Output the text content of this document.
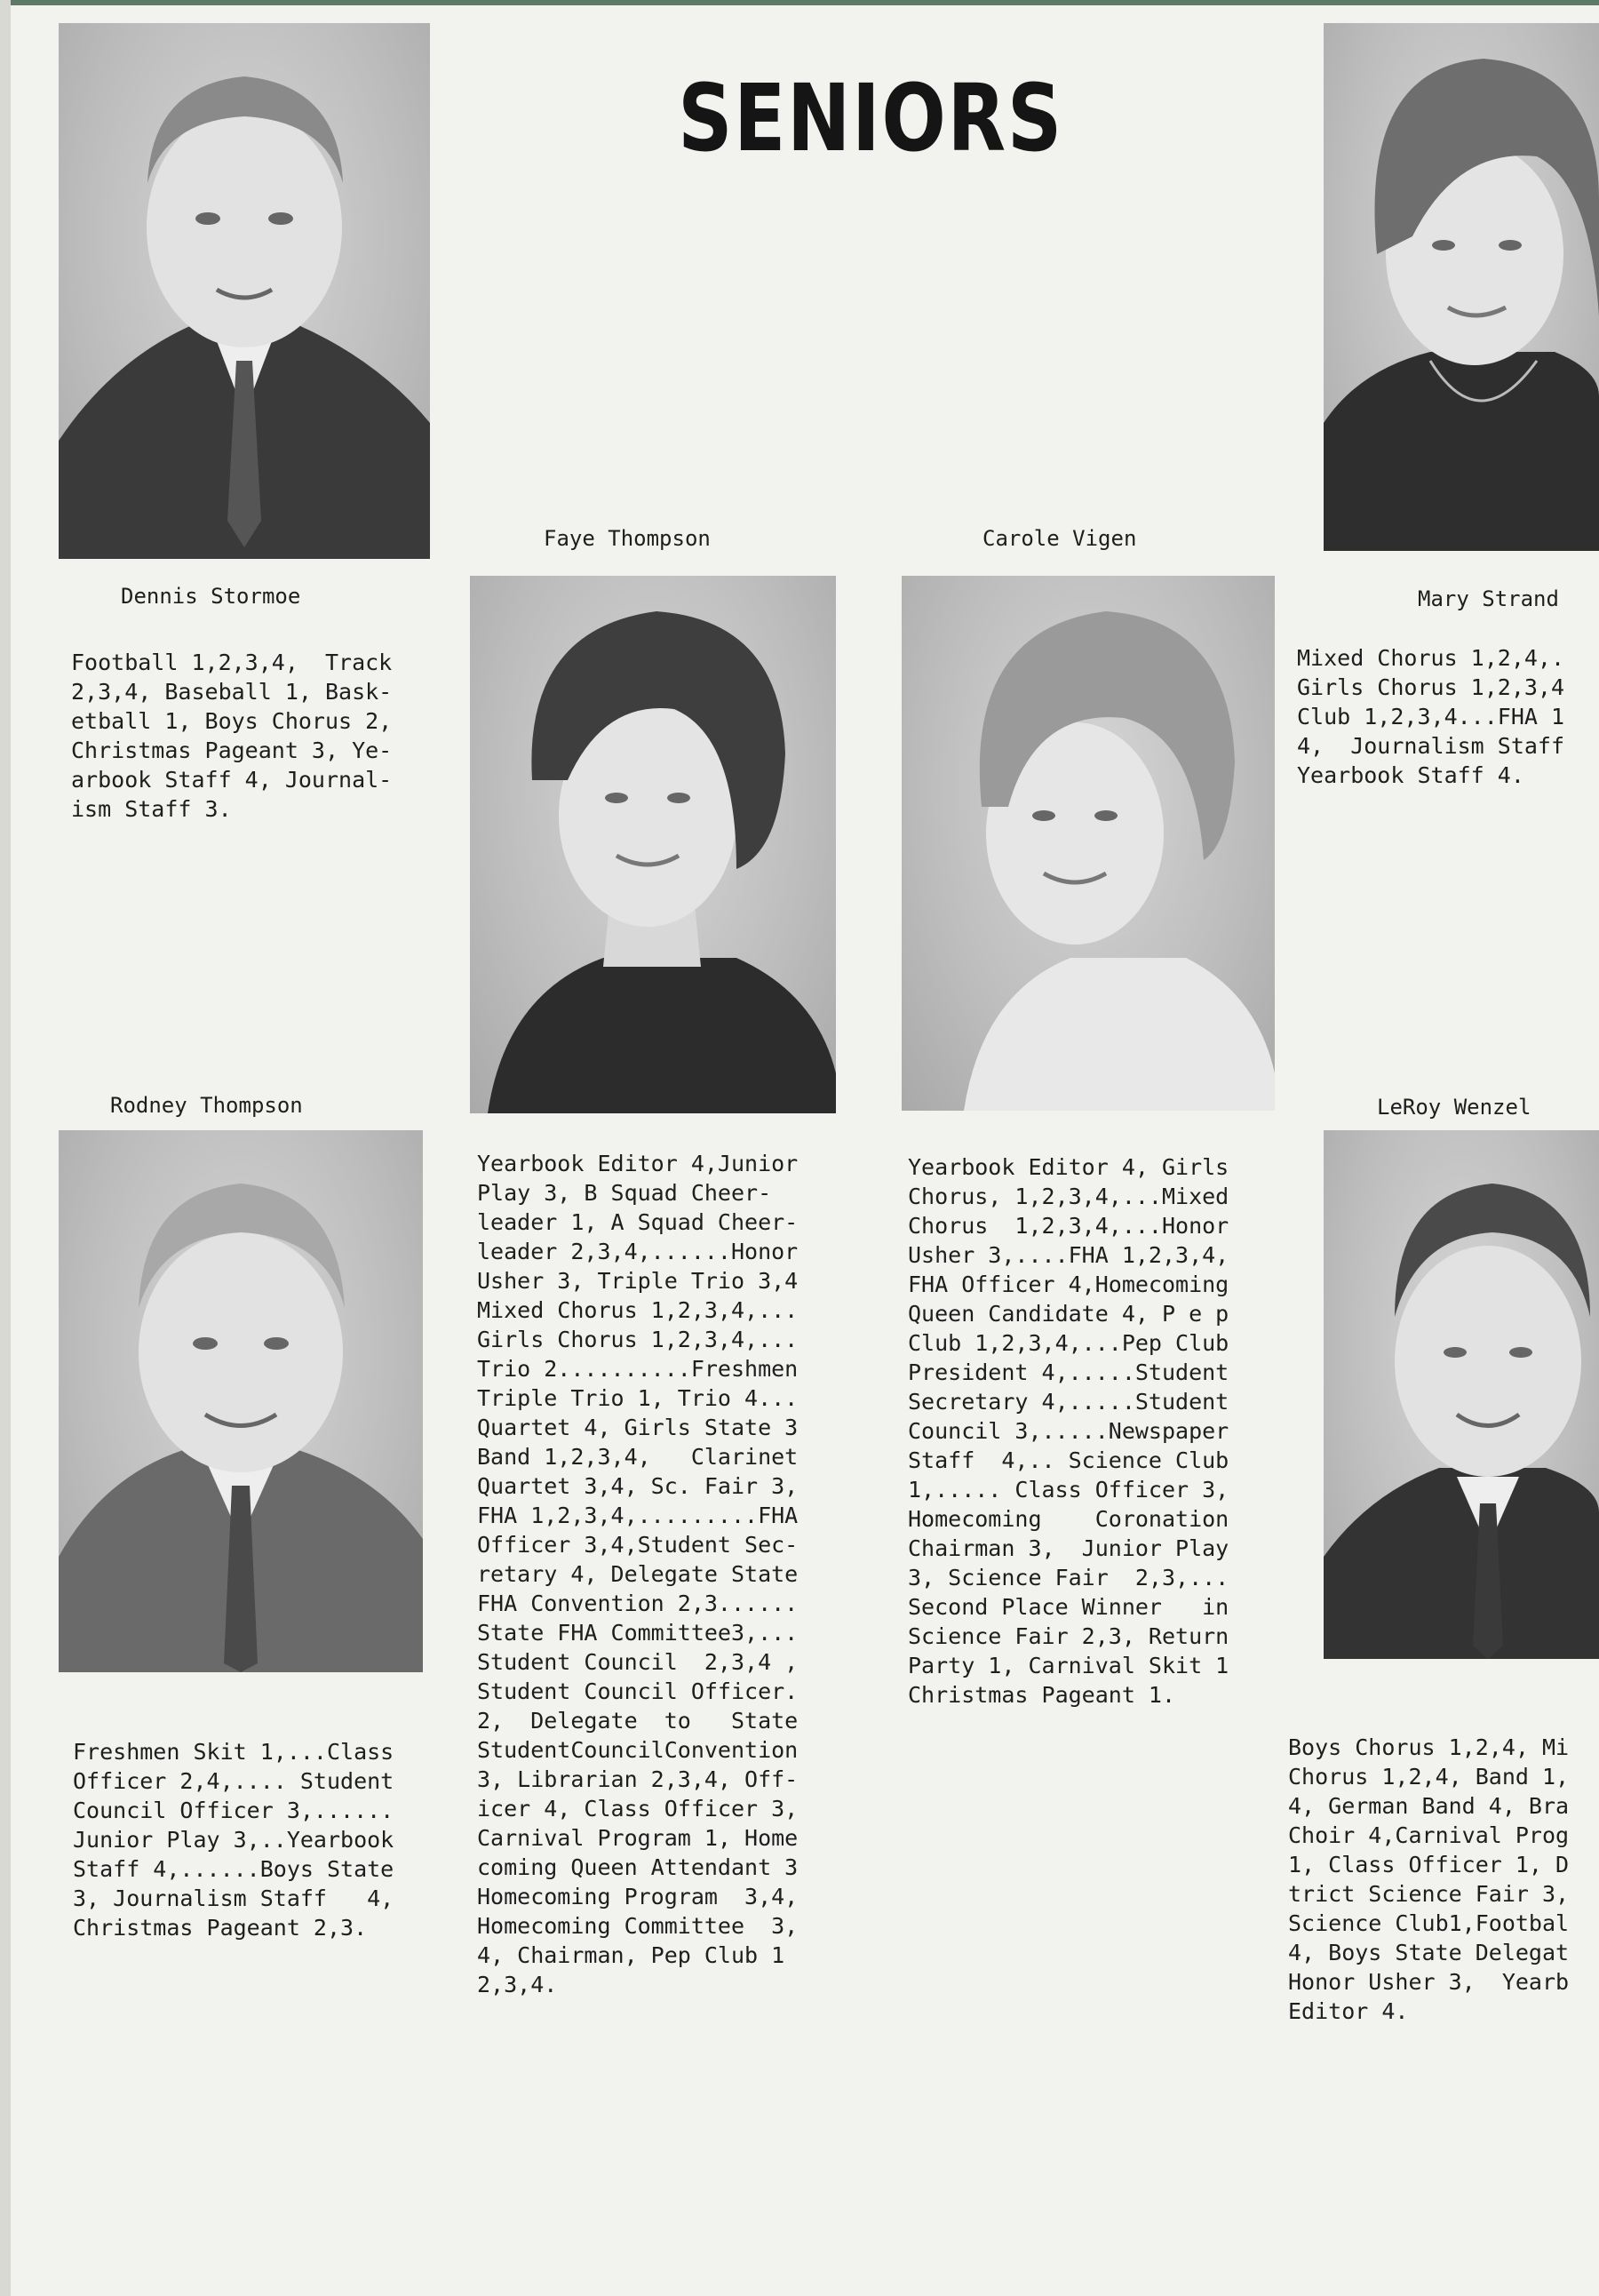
SENIORS
Dennis Stormoe
Football 1,2,3,4,  Track
2,3,4, Baseball 1, Bask-
etball 1, Boys Chorus 2,
Christmas Pageant 3, Ye-
arbook Staff 4, Journal-
ism Staff 3.
Faye Thompson
Yearbook Editor 4,Junior
Play 3, B Squad Cheer-
leader 1, A Squad Cheer-
leader 2,3,4,......Honor
Usher 3, Triple Trio 3,4
Mixed Chorus 1,2,3,4,...
Girls Chorus 1,2,3,4,...
Trio 2..........Freshmen
Triple Trio 1, Trio 4...
Quartet 4, Girls State 3
Band 1,2,3,4,   Clarinet
Quartet 3,4, Sc. Fair 3,
FHA 1,2,3,4,.........FHA
Officer 3,4,Student Sec-
retary 4, Delegate State
FHA Convention 2,3......
State FHA Committee3,...
Student Council  2,3,4 ,
Student Council Officer.
2,  Delegate  to   State
StudentCouncilConvention
3, Librarian 2,3,4, Off-
icer 4, Class Officer 3,
Carnival Program 1, Home
coming Queen Attendant 3
Homecoming Program  3,4,
Homecoming Committee  3,
4, Chairman, Pep Club 1
2,3,4.
Carole Vigen
Yearbook Editor 4, Girls
Chorus, 1,2,3,4,...Mixed
Chorus  1,2,3,4,...Honor
Usher 3,....FHA 1,2,3,4,
FHA Officer 4,Homecoming
Queen Candidate 4, P e p
Club 1,2,3,4,...Pep Club
President 4,.....Student
Secretary 4,.....Student
Council 3,.....Newspaper
Staff  4,.. Science Club
1,..... Class Officer 3,
Homecoming    Coronation
Chairman 3,  Junior Play
3, Science Fair  2,3,...
Second Place Winner   in
Science Fair 2,3, Return
Party 1, Carnival Skit 1
Christmas Pageant 1.
Mary Strand
Mixed Chorus 1,2,4,.
Girls Chorus 1,2,3,4
Club 1,2,3,4...FHA 1
4,  Journalism Staff
Yearbook Staff 4.
Rodney Thompson
Freshmen Skit 1,...Class
Officer 2,4,.... Student
Council Officer 3,......
Junior Play 3,..Yearbook
Staff 4,......Boys State
3, Journalism Staff   4,
Christmas Pageant 2,3.
LeRoy Wenzel
Boys Chorus 1,2,4, Mi
Chorus 1,2,4, Band 1,
4, German Band 4, Bra
Choir 4,Carnival Prog
1, Class Officer 1, D
trict Science Fair 3,
Science Club1,Footbal
4, Boys State Delegat
Honor Usher 3,  Yearb
Editor 4.
